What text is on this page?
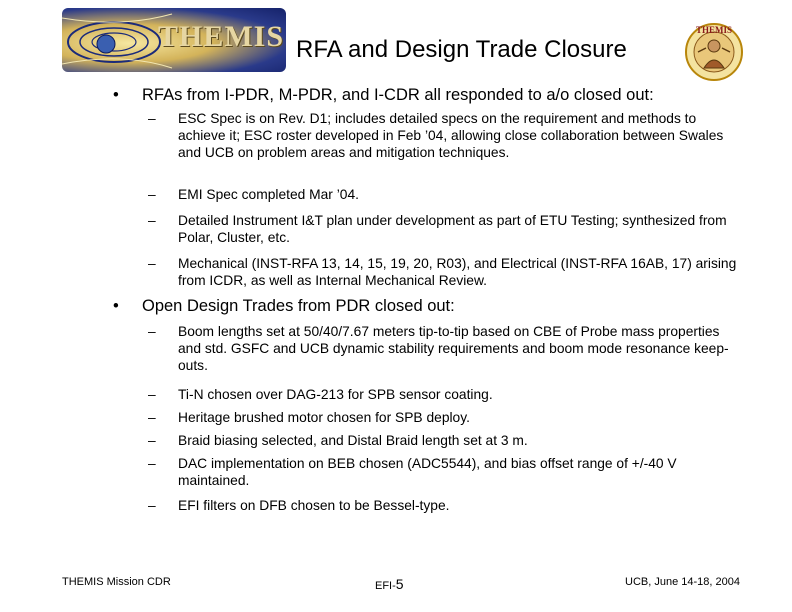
THEMIS RFA and Design Trade Closure
THEMIS
• RFAs from I-PDR, M-PDR, and I-CDR all responded to a/o closed out:
– ESC Spec is on Rev. D1; includes detailed specs on the requirement and methods to achieve it; ESC roster developed in Feb ’04, allowing close collaboration between Swales and UCB on problem areas and mitigation techniques.
– EMI Spec completed Mar ’04.
– Detailed Instrument I&T plan under development as part of ETU Testing; synthesized from Polar, Cluster, etc.
– Mechanical (INST-RFA 13, 14, 15, 19, 20, R03), and Electrical (INST-RFA 16AB, 17) arising from ICDR, as well as Internal Mechanical Review.
• Open Design Trades from PDR closed out:
– Boom lengths set at 50/40/7.67 meters tip-to-tip based on CBE of Probe mass properties and std. GSFC and UCB dynamic stability requirements and boom mode resonance keep-outs.
– Ti-N chosen over DAG-213 for SPB sensor coating.
– Heritage brushed motor chosen for SPB deploy.
– Braid biasing selected, and Distal Braid length set at 3 m.
– DAC implementation on BEB chosen (ADC5544), and bias offset range of +/-40 V maintained.
– EFI filters on DFB chosen to be Bessel-type.
THEMIS Mission CDR	EFI-5	UCB, June 14-18, 2004
